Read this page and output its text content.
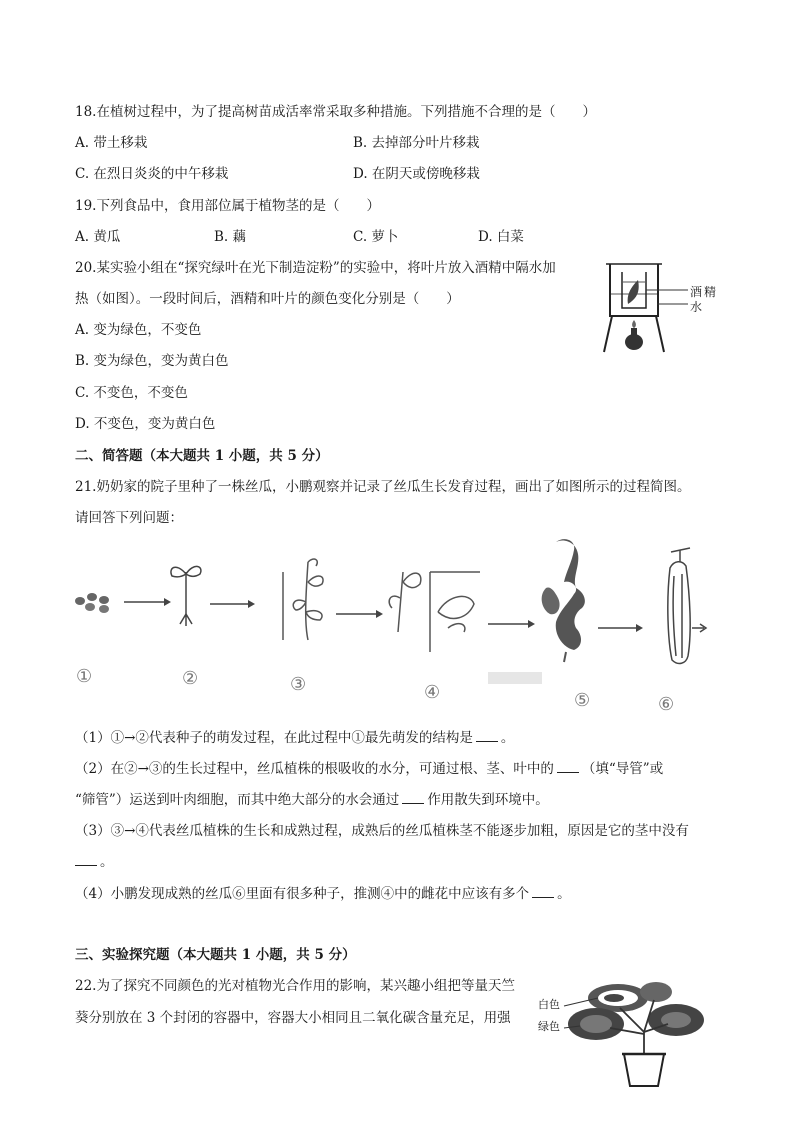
18.在植树过程中，为了提高树苗成活率常采取多种措施。下列措施不合理的是（　　）
A. 带土移栽	B. 去掉部分叶片移栽
C. 在烈日炎炎的中午移栽	D. 在阴天或傍晚移栽
19.下列食品中，食用部位属于植物茎的是（　　）
A. 黄瓜	B. 藕	C. 萝卜	D. 白菜
20.某实验小组在“探究绿叶在光下制造淀粉”的实验中，将叶片放入酒精中隔水加
热（如图）。一段时间后，酒精和叶片的颜色变化分别是（　　）
A. 变为绿色，不变色
B. 变为绿色，变为黄白色
C. 不变色，不变色
D. 不变色，变为黄白色
酒精
水
二、简答题（本大题共 1 小题，共 5 分）
21.奶奶家的院子里种了一株丝瓜，小鹏观察并记录了丝瓜生长发育过程，画出了如图所示的过程简图。
请回答下列问题：
①	②	③	④	⑤	⑥
（1）①→②代表种子的萌发过程，在此过程中①最先萌发的结构是 。
（2）在②→③的生长过程中，丝瓜植株的根吸收的水分，可通过根、茎、叶中的 （填“导管”或
“筛管”）运送到叶肉细胞，而其中绝大部分的水会通过 作用散失到环境中。
（3）③→④代表丝瓜植株的生长和成熟过程，成熟后的丝瓜植株茎不能逐步加粗，原因是它的茎中没有
。
（4）小鹏发现成熟的丝瓜⑥里面有很多种子，推测④中的雌花中应该有多个 。
三、实验探究题（本大题共 1 小题，共 5 分）
22.为了探究不同颜色的光对植物光合作用的影响，某兴趣小组把等量天竺
葵分别放在 3 个封闭的容器中，容器大小相同且二氧化碳含量充足，用强
白色
绿色
